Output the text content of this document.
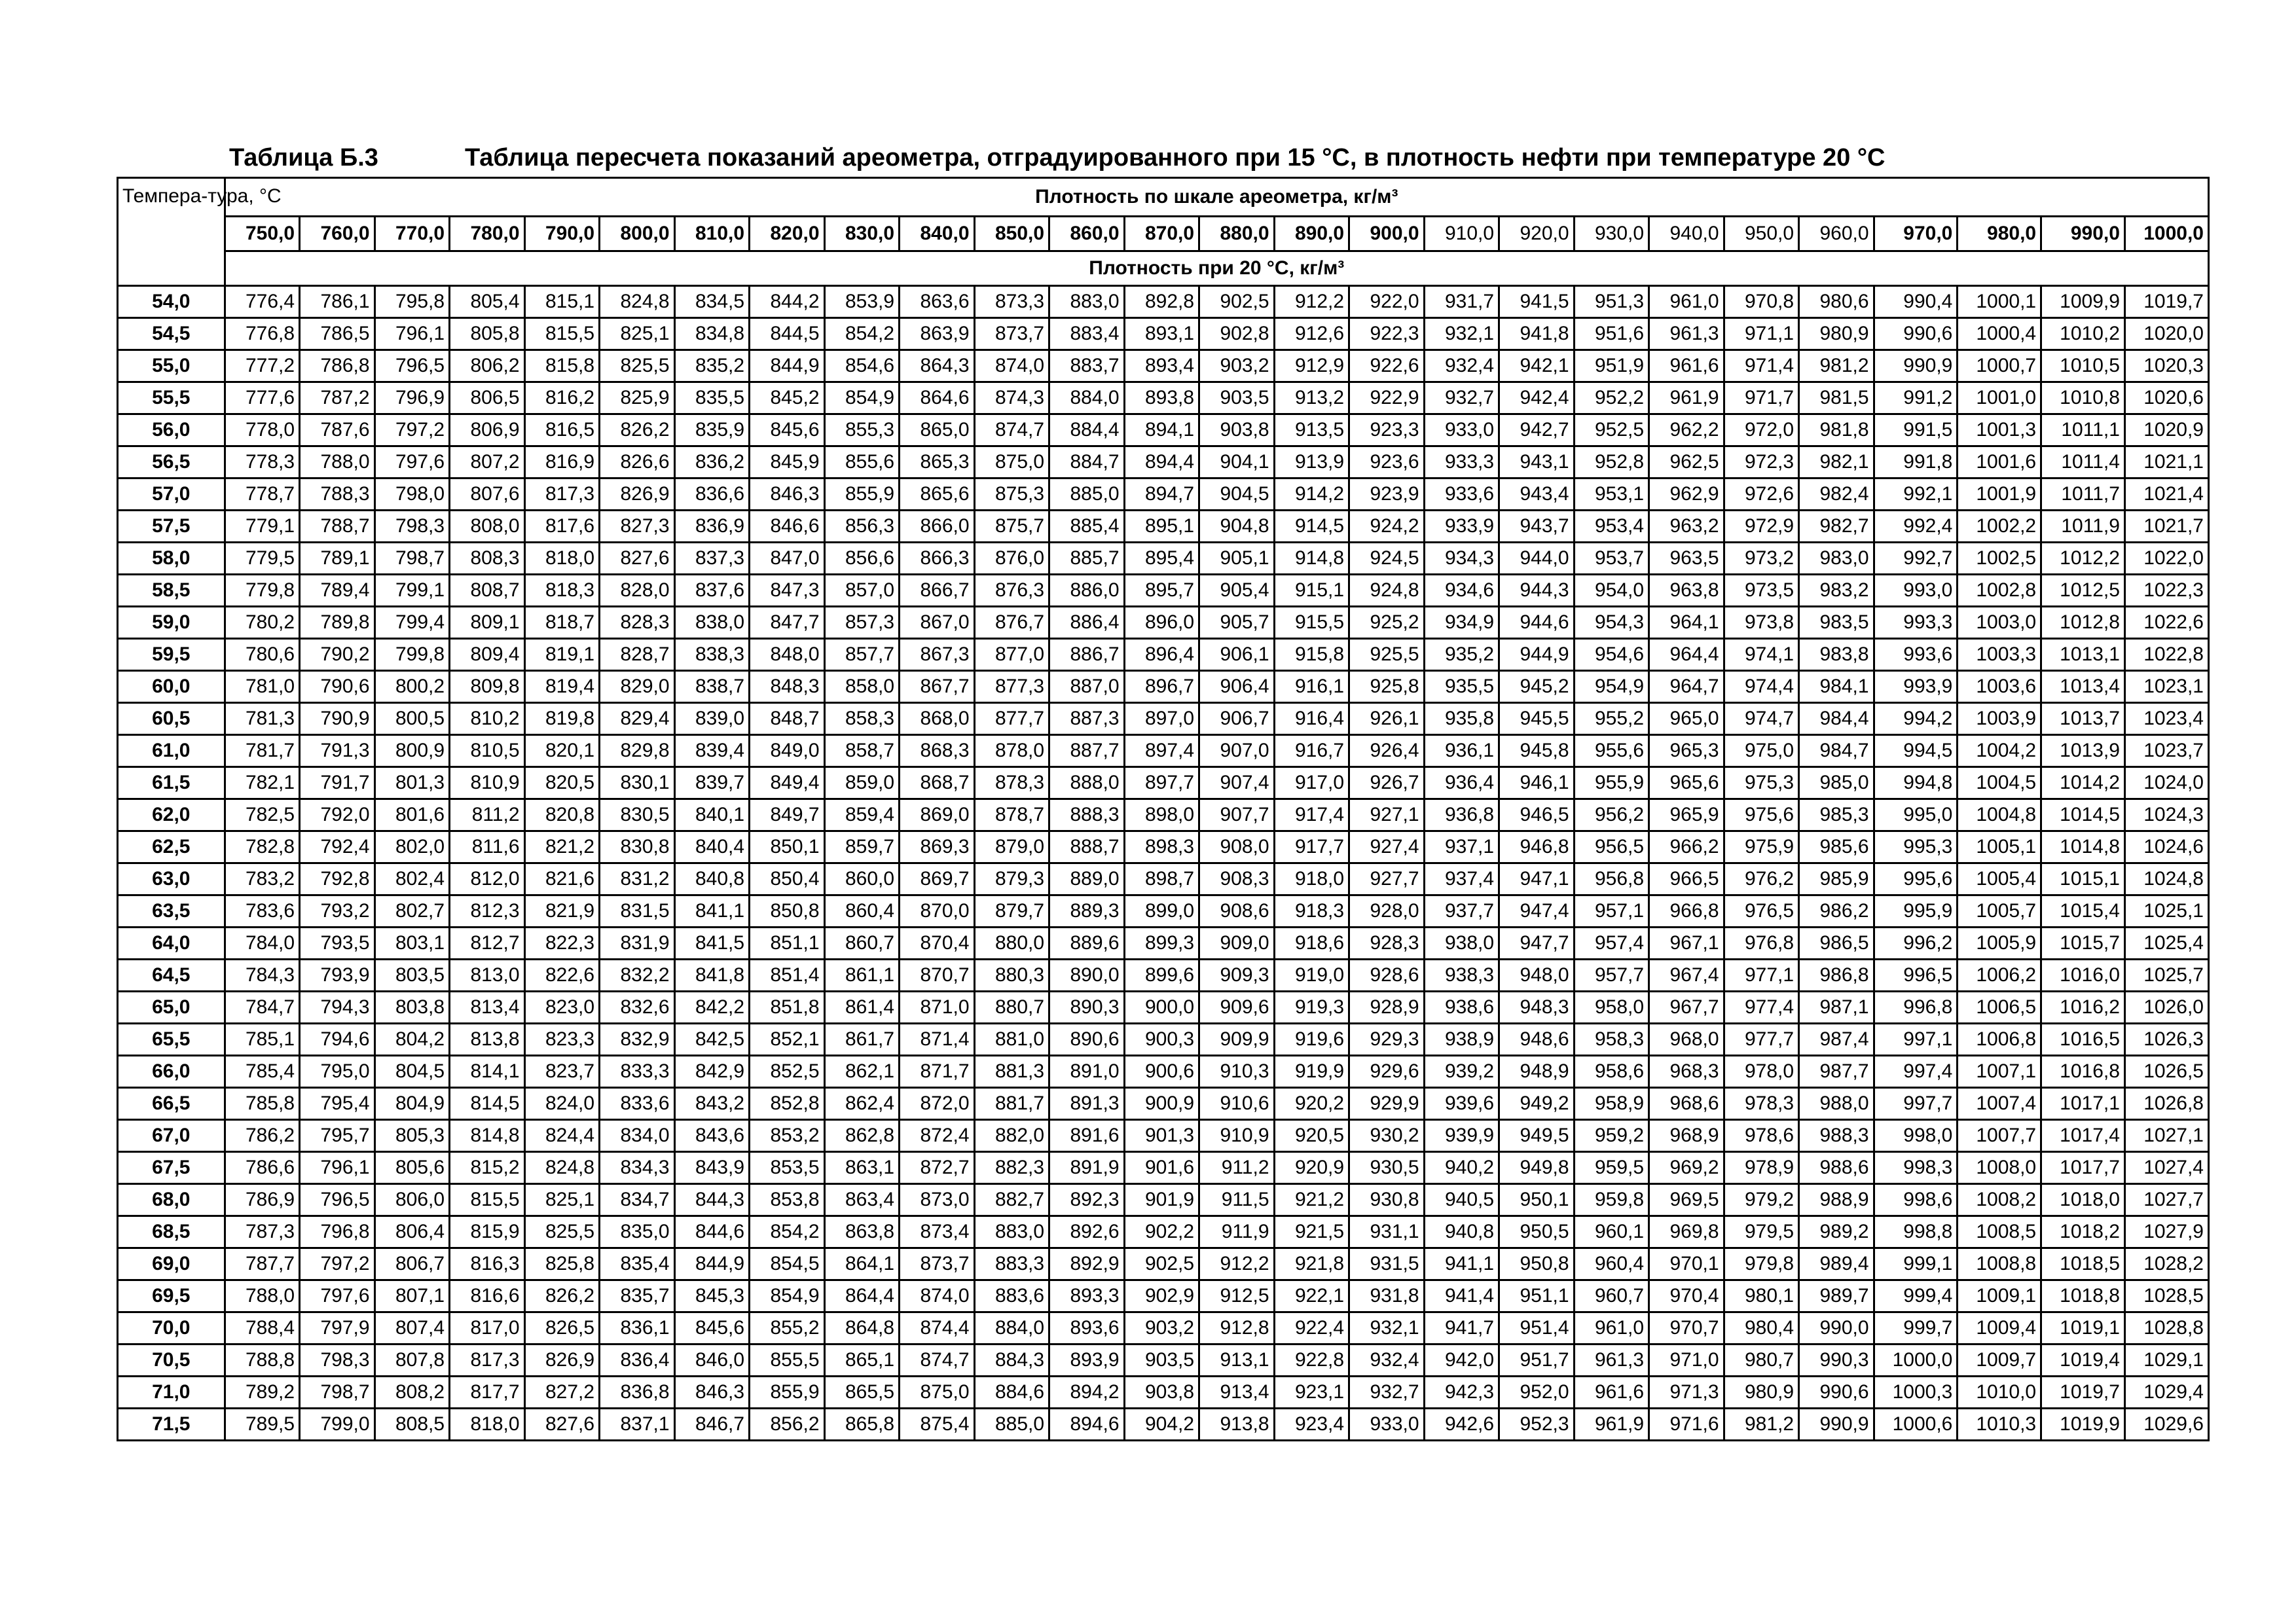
Таблица Б.3	Таблица пересчета показаний ареометра, отградуированного при 15 °C, в плотность нефти при температуре 20 °C
Темпера-тура, °C	Плотность по шкале ареометра, кг/м³																									
	750,0	760,0	770,0	780,0	790,0	800,0	810,0	820,0	830,0	840,0	850,0	860,0	870,0	880,0	890,0	900,0	910,0	920,0	930,0	940,0	950,0	960,0	970,0	980,0	990,0	1000,0
	Плотность при 20 °C, кг/м³																									
54,0	776,4	786,1	795,8	805,4	815,1	824,8	834,5	844,2	853,9	863,6	873,3	883,0	892,8	902,5	912,2	922,0	931,7	941,5	951,3	961,0	970,8	980,6	990,4	1000,1	1009,9	1019,7
54,5	776,8	786,5	796,1	805,8	815,5	825,1	834,8	844,5	854,2	863,9	873,7	883,4	893,1	902,8	912,6	922,3	932,1	941,8	951,6	961,3	971,1	980,9	990,6	1000,4	1010,2	1020,0
55,0	777,2	786,8	796,5	806,2	815,8	825,5	835,2	844,9	854,6	864,3	874,0	883,7	893,4	903,2	912,9	922,6	932,4	942,1	951,9	961,6	971,4	981,2	990,9	1000,7	1010,5	1020,3
55,5	777,6	787,2	796,9	806,5	816,2	825,9	835,5	845,2	854,9	864,6	874,3	884,0	893,8	903,5	913,2	922,9	932,7	942,4	952,2	961,9	971,7	981,5	991,2	1001,0	1010,8	1020,6
56,0	778,0	787,6	797,2	806,9	816,5	826,2	835,9	845,6	855,3	865,0	874,7	884,4	894,1	903,8	913,5	923,3	933,0	942,7	952,5	962,2	972,0	981,8	991,5	1001,3	1011,1	1020,9
56,5	778,3	788,0	797,6	807,2	816,9	826,6	836,2	845,9	855,6	865,3	875,0	884,7	894,4	904,1	913,9	923,6	933,3	943,1	952,8	962,5	972,3	982,1	991,8	1001,6	1011,4	1021,1
57,0	778,7	788,3	798,0	807,6	817,3	826,9	836,6	846,3	855,9	865,6	875,3	885,0	894,7	904,5	914,2	923,9	933,6	943,4	953,1	962,9	972,6	982,4	992,1	1001,9	1011,7	1021,4
57,5	779,1	788,7	798,3	808,0	817,6	827,3	836,9	846,6	856,3	866,0	875,7	885,4	895,1	904,8	914,5	924,2	933,9	943,7	953,4	963,2	972,9	982,7	992,4	1002,2	1011,9	1021,7
58,0	779,5	789,1	798,7	808,3	818,0	827,6	837,3	847,0	856,6	866,3	876,0	885,7	895,4	905,1	914,8	924,5	934,3	944,0	953,7	963,5	973,2	983,0	992,7	1002,5	1012,2	1022,0
58,5	779,8	789,4	799,1	808,7	818,3	828,0	837,6	847,3	857,0	866,7	876,3	886,0	895,7	905,4	915,1	924,8	934,6	944,3	954,0	963,8	973,5	983,2	993,0	1002,8	1012,5	1022,3
59,0	780,2	789,8	799,4	809,1	818,7	828,3	838,0	847,7	857,3	867,0	876,7	886,4	896,0	905,7	915,5	925,2	934,9	944,6	954,3	964,1	973,8	983,5	993,3	1003,0	1012,8	1022,6
59,5	780,6	790,2	799,8	809,4	819,1	828,7	838,3	848,0	857,7	867,3	877,0	886,7	896,4	906,1	915,8	925,5	935,2	944,9	954,6	964,4	974,1	983,8	993,6	1003,3	1013,1	1022,8
60,0	781,0	790,6	800,2	809,8	819,4	829,0	838,7	848,3	858,0	867,7	877,3	887,0	896,7	906,4	916,1	925,8	935,5	945,2	954,9	964,7	974,4	984,1	993,9	1003,6	1013,4	1023,1
60,5	781,3	790,9	800,5	810,2	819,8	829,4	839,0	848,7	858,3	868,0	877,7	887,3	897,0	906,7	916,4	926,1	935,8	945,5	955,2	965,0	974,7	984,4	994,2	1003,9	1013,7	1023,4
61,0	781,7	791,3	800,9	810,5	820,1	829,8	839,4	849,0	858,7	868,3	878,0	887,7	897,4	907,0	916,7	926,4	936,1	945,8	955,6	965,3	975,0	984,7	994,5	1004,2	1013,9	1023,7
61,5	782,1	791,7	801,3	810,9	820,5	830,1	839,7	849,4	859,0	868,7	878,3	888,0	897,7	907,4	917,0	926,7	936,4	946,1	955,9	965,6	975,3	985,0	994,8	1004,5	1014,2	1024,0
62,0	782,5	792,0	801,6	811,2	820,8	830,5	840,1	849,7	859,4	869,0	878,7	888,3	898,0	907,7	917,4	927,1	936,8	946,5	956,2	965,9	975,6	985,3	995,0	1004,8	1014,5	1024,3
62,5	782,8	792,4	802,0	811,6	821,2	830,8	840,4	850,1	859,7	869,3	879,0	888,7	898,3	908,0	917,7	927,4	937,1	946,8	956,5	966,2	975,9	985,6	995,3	1005,1	1014,8	1024,6
63,0	783,2	792,8	802,4	812,0	821,6	831,2	840,8	850,4	860,0	869,7	879,3	889,0	898,7	908,3	918,0	927,7	937,4	947,1	956,8	966,5	976,2	985,9	995,6	1005,4	1015,1	1024,8
63,5	783,6	793,2	802,7	812,3	821,9	831,5	841,1	850,8	860,4	870,0	879,7	889,3	899,0	908,6	918,3	928,0	937,7	947,4	957,1	966,8	976,5	986,2	995,9	1005,7	1015,4	1025,1
64,0	784,0	793,5	803,1	812,7	822,3	831,9	841,5	851,1	860,7	870,4	880,0	889,6	899,3	909,0	918,6	928,3	938,0	947,7	957,4	967,1	976,8	986,5	996,2	1005,9	1015,7	1025,4
64,5	784,3	793,9	803,5	813,0	822,6	832,2	841,8	851,4	861,1	870,7	880,3	890,0	899,6	909,3	919,0	928,6	938,3	948,0	957,7	967,4	977,1	986,8	996,5	1006,2	1016,0	1025,7
65,0	784,7	794,3	803,8	813,4	823,0	832,6	842,2	851,8	861,4	871,0	880,7	890,3	900,0	909,6	919,3	928,9	938,6	948,3	958,0	967,7	977,4	987,1	996,8	1006,5	1016,2	1026,0
65,5	785,1	794,6	804,2	813,8	823,3	832,9	842,5	852,1	861,7	871,4	881,0	890,6	900,3	909,9	919,6	929,3	938,9	948,6	958,3	968,0	977,7	987,4	997,1	1006,8	1016,5	1026,3
66,0	785,4	795,0	804,5	814,1	823,7	833,3	842,9	852,5	862,1	871,7	881,3	891,0	900,6	910,3	919,9	929,6	939,2	948,9	958,6	968,3	978,0	987,7	997,4	1007,1	1016,8	1026,5
66,5	785,8	795,4	804,9	814,5	824,0	833,6	843,2	852,8	862,4	872,0	881,7	891,3	900,9	910,6	920,2	929,9	939,6	949,2	958,9	968,6	978,3	988,0	997,7	1007,4	1017,1	1026,8
67,0	786,2	795,7	805,3	814,8	824,4	834,0	843,6	853,2	862,8	872,4	882,0	891,6	901,3	910,9	920,5	930,2	939,9	949,5	959,2	968,9	978,6	988,3	998,0	1007,7	1017,4	1027,1
67,5	786,6	796,1	805,6	815,2	824,8	834,3	843,9	853,5	863,1	872,7	882,3	891,9	901,6	911,2	920,9	930,5	940,2	949,8	959,5	969,2	978,9	988,6	998,3	1008,0	1017,7	1027,4
68,0	786,9	796,5	806,0	815,5	825,1	834,7	844,3	853,8	863,4	873,0	882,7	892,3	901,9	911,5	921,2	930,8	940,5	950,1	959,8	969,5	979,2	988,9	998,6	1008,2	1018,0	1027,7
68,5	787,3	796,8	806,4	815,9	825,5	835,0	844,6	854,2	863,8	873,4	883,0	892,6	902,2	911,9	921,5	931,1	940,8	950,5	960,1	969,8	979,5	989,2	998,8	1008,5	1018,2	1027,9
69,0	787,7	797,2	806,7	816,3	825,8	835,4	844,9	854,5	864,1	873,7	883,3	892,9	902,5	912,2	921,8	931,5	941,1	950,8	960,4	970,1	979,8	989,4	999,1	1008,8	1018,5	1028,2
69,5	788,0	797,6	807,1	816,6	826,2	835,7	845,3	854,9	864,4	874,0	883,6	893,3	902,9	912,5	922,1	931,8	941,4	951,1	960,7	970,4	980,1	989,7	999,4	1009,1	1018,8	1028,5
70,0	788,4	797,9	807,4	817,0	826,5	836,1	845,6	855,2	864,8	874,4	884,0	893,6	903,2	912,8	922,4	932,1	941,7	951,4	961,0	970,7	980,4	990,0	999,7	1009,4	1019,1	1028,8
70,5	788,8	798,3	807,8	817,3	826,9	836,4	846,0	855,5	865,1	874,7	884,3	893,9	903,5	913,1	922,8	932,4	942,0	951,7	961,3	971,0	980,7	990,3	1000,0	1009,7	1019,4	1029,1
71,0	789,2	798,7	808,2	817,7	827,2	836,8	846,3	855,9	865,5	875,0	884,6	894,2	903,8	913,4	923,1	932,7	942,3	952,0	961,6	971,3	980,9	990,6	1000,3	1010,0	1019,7	1029,4
71,5	789,5	799,0	808,5	818,0	827,6	837,1	846,7	856,2	865,8	875,4	885,0	894,6	904,2	913,8	923,4	933,0	942,6	952,3	961,9	971,6	981,2	990,9	1000,6	1010,3	1019,9	1029,6
